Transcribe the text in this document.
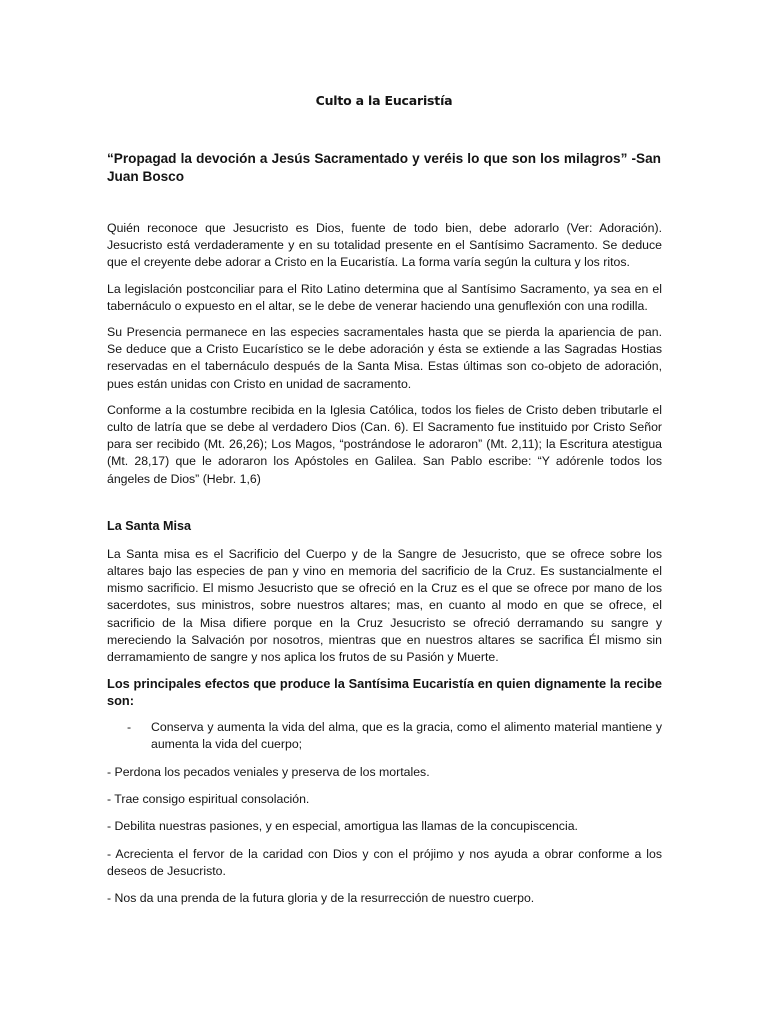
Culto a la Eucaristía
“Propagad la devoción a Jesús Sacramentado y veréis lo que son los milagros” -San Juan Bosco

Quién reconoce que Jesucristo es Dios, fuente de todo bien, debe adorarlo (Ver: Adoración). Jesucristo está verdaderamente y en su totalidad presente en el Santísimo Sacramento. Se deduce que el creyente debe adorar a Cristo en la Eucaristía. La forma varía según la cultura y los ritos.

La legislación postconciliar para el Rito Latino determina que al Santísimo Sacramento, ya sea en el tabernáculo o expuesto en el altar, se le debe de venerar haciendo una genuflexión con una rodilla.

Su Presencia permanece en las especies sacramentales hasta que se pierda la apariencia de pan. Se deduce que a Cristo Eucarístico se le debe adoración y ésta se extiende a las Sagradas Hostias reservadas en el tabernáculo después de la Santa Misa. Estas últimas son co-objeto de adoración, pues están unidas con Cristo en unidad de sacramento.

Conforme a la costumbre recibida en la Iglesia Católica, todos los fieles de Cristo deben tributarle el culto de latría que se debe al verdadero Dios (Can. 6). El Sacramento fue instituido por Cristo Señor para ser recibido (Mt. 26,26); Los Magos, “postrándose le adoraron” (Mt. 2,11); la Escritura atestigua (Mt. 28,17) que le adoraron los Apóstoles en Galilea. San Pablo escribe: “Y adórenle todos los ángeles de Dios” (Hebr. 1,6)

La Santa Misa

La Santa misa es el Sacrificio del Cuerpo y de la Sangre de Jesucristo, que se ofrece sobre los altares bajo las especies de pan y vino en memoria del sacrificio de la Cruz. Es sustancialmente el mismo sacrificio. El mismo Jesucristo que se ofreció en la Cruz es el que se ofrece por mano de los sacerdotes, sus ministros, sobre nuestros altares; mas, en cuanto al modo en que se ofrece, el sacrificio de la Misa difiere porque en la Cruz Jesucristo se ofreció derramando su sangre y mereciendo la Salvación por nosotros, mientras que en nuestros altares se sacrifica Él mismo sin derramamiento de sangre y nos aplica los frutos de su Pasión y Muerte.

Los principales efectos que produce la Santísima Eucaristía en quien dignamente la recibe son:

-	Conserva y aumenta la vida del alma, que es la gracia, como el alimento material mantiene y aumenta la vida del cuerpo;

- Perdona los pecados veniales y preserva de los mortales.

- Trae consigo espiritual consolación.

- Debilita nuestras pasiones, y en especial, amortigua las llamas de la concupiscencia.

- Acrecienta el fervor de la caridad con Dios y con el prójimo y nos ayuda a obrar conforme a los deseos de Jesucristo.

- Nos da una prenda de la futura gloria y de la resurrección de nuestro cuerpo.
